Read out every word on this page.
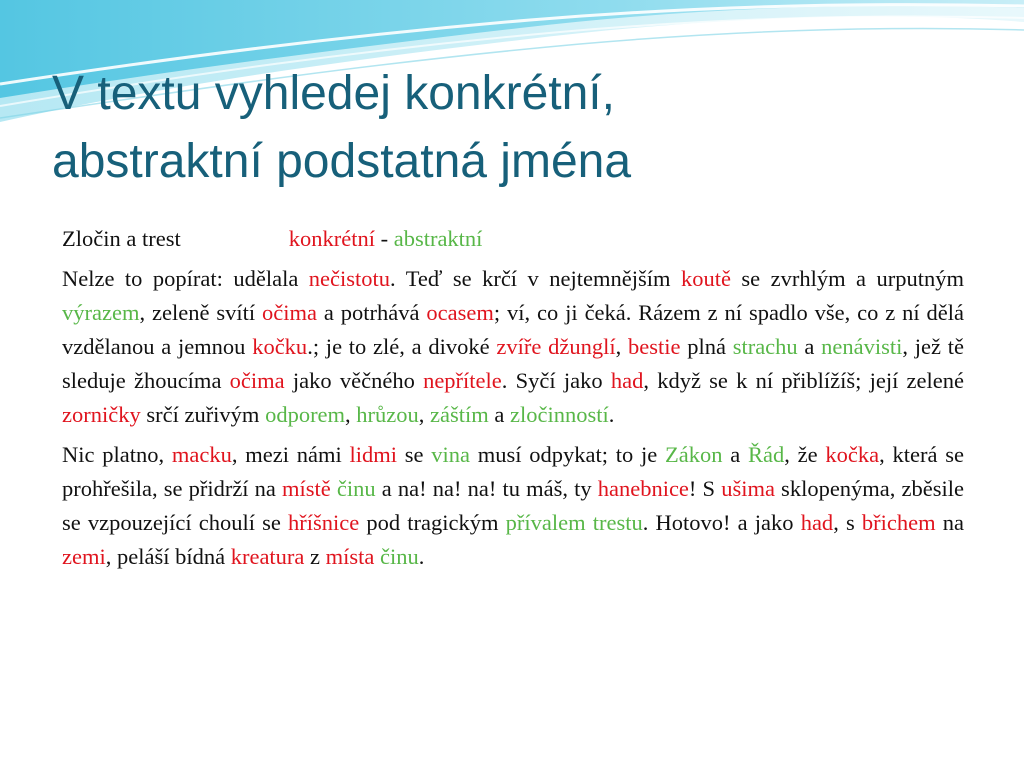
V textu vyhledej konkrétní,
abstraktní podstatná jména

Zločin a trest	konkrétní - abstraktní

Nelze to popírat: udělala nečistotu. Teď se krčí v nejtemnějším koutě se zvrhlým a urputným výrazem, zeleně svítí očima a potrhává ocasem; ví, co ji čeká. Rázem z ní spadlo vše, co z ní dělá vzdělanou a jemnou kočku.; je to zlé, a divoké zvíře džunglí, bestie plná strachu a nenávisti, jež tě sleduje žhoucíma očima jako věčného nepřítele. Syčí jako had, když se k ní přiblížíš; její zelené zorničky srčí zuřivým odporem, hrůzou, záštím a zločinností.

Nic platno, macku, mezi námi lidmi se vina musí odpykat; to je Zákon a Řád, že kočka, která se prohřešila, se přidrží na místě činu a na! na! na! tu máš, ty hanebnice! S ušima sklopenýma, zběsile se vzpouzející choulí se hříšnice pod tragickým přívalem trestu. Hotovo! a jako had, s břichem na zemi, peláší bídná kreatura z místa činu.
